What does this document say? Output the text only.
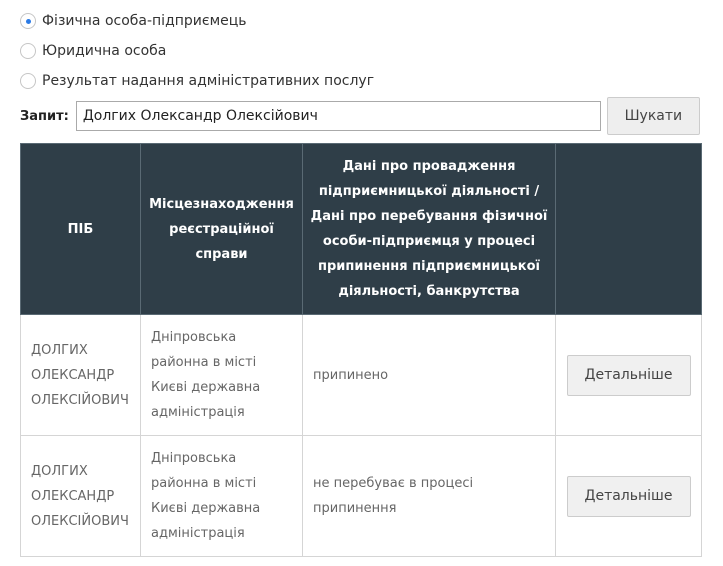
Фізична особа-підприємець
Юридична особа
Результат надання адміністративних послуг
Запит:
Долгих Олександр Олексійович	Шукати
ПІБ	Місцезнаходження реєстраційної справи	Дані про провадження підприємницької діяльності / Дані про перебування фізичної особи-підприємця у процесі припинення підприємницької діяльності, банкрутства	
ДОЛГИХ ОЛЕКСАНДР ОЛЕКСІЙОВИЧ	Дніпровська районна в місті Києві державна адміністрація	припинено	Детальніше

ДОЛГИХ ОЛЕКСАНДР ОЛЕКСІЙОВИЧ	Дніпровська районна в місті Києві державна адміністрація	не перебуває в процесі припинення	Детальніше
